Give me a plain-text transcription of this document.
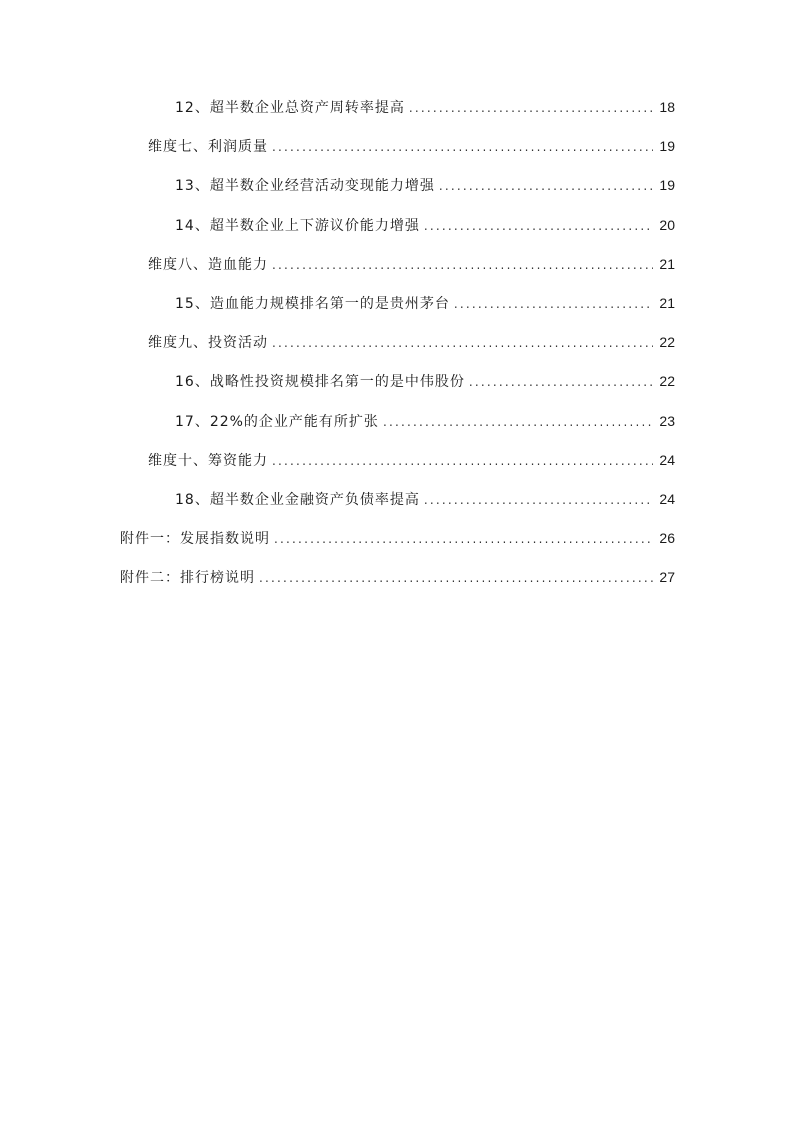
12、超半数企业总资产周转率提高 .....	18
维度七、利润质量 .....	19
13、超半数企业经营活动变现能力增强 .....	19
14、超半数企业上下游议价能力增强 .....	20
维度八、造血能力 .....	21
15、造血能力规模排名第一的是贵州茅台 .....	21
维度九、投资活动 .....	22
16、战略性投资规模排名第一的是中伟股份 .....	22
17、22%的企业产能有所扩张 .....	23
维度十、筹资能力 .....	24
18、超半数企业金融资产负债率提高 .....	24
附件一：发展指数说明 .....	26
附件二：排行榜说明 .....	27
